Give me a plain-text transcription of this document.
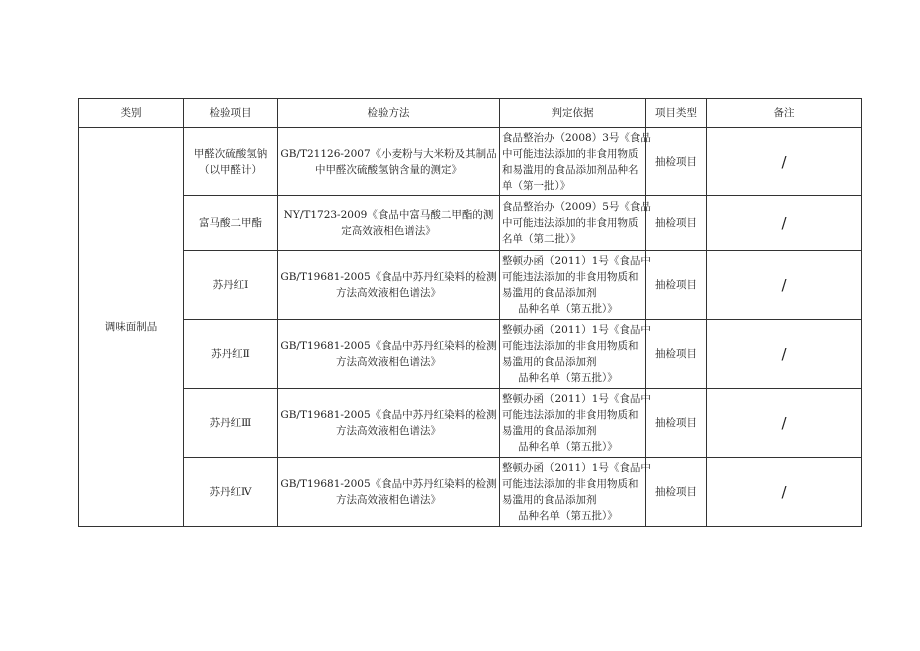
类别	检验项目	检验方法	判定依据	项目类型	备注
调味面制品	甲醛次硫酸氢钠（以甲醛计）	GB/T21126-2007《小麦粉与大米粉及其制品中甲醛次硫酸氢钠含量的测定》	食品整治办（2008）3号《食品
中可能违法添加的非食用物质
和易滥用的食品添加剂品种名
单（第一批）》	抽检项目	/
	富马酸二甲酯	NY/T1723-2009《食品中富马酸二甲酯的测定高效液相色谱法》	食品整治办（2009）5号《食品
中可能违法添加的非食用物质
名单（第二批）》	抽检项目	/
	苏丹红Ⅰ	GB/T19681-2005《食品中苏丹红染料的检测方法高效液相色谱法》	整顿办函（2011）1号《食品中
可能违法添加的非食用物质和
易滥用的食品添加剂
品种名单（第五批）》	抽检项目	/
	苏丹红Ⅱ	GB/T19681-2005《食品中苏丹红染料的检测方法高效液相色谱法》	整顿办函（2011）1号《食品中
可能违法添加的非食用物质和
易滥用的食品添加剂
品种名单（第五批）》	抽检项目	/
	苏丹红Ⅲ	GB/T19681-2005《食品中苏丹红染料的检测方法高效液相色谱法》	整顿办函（2011）1号《食品中
可能违法添加的非食用物质和
易滥用的食品添加剂
品种名单（第五批）》	抽检项目	/
	苏丹红Ⅳ	GB/T19681-2005《食品中苏丹红染料的检测方法高效液相色谱法》	整顿办函（2011）1号《食品中
可能违法添加的非食用物质和
易滥用的食品添加剂
品种名单（第五批）》	抽检项目	/
